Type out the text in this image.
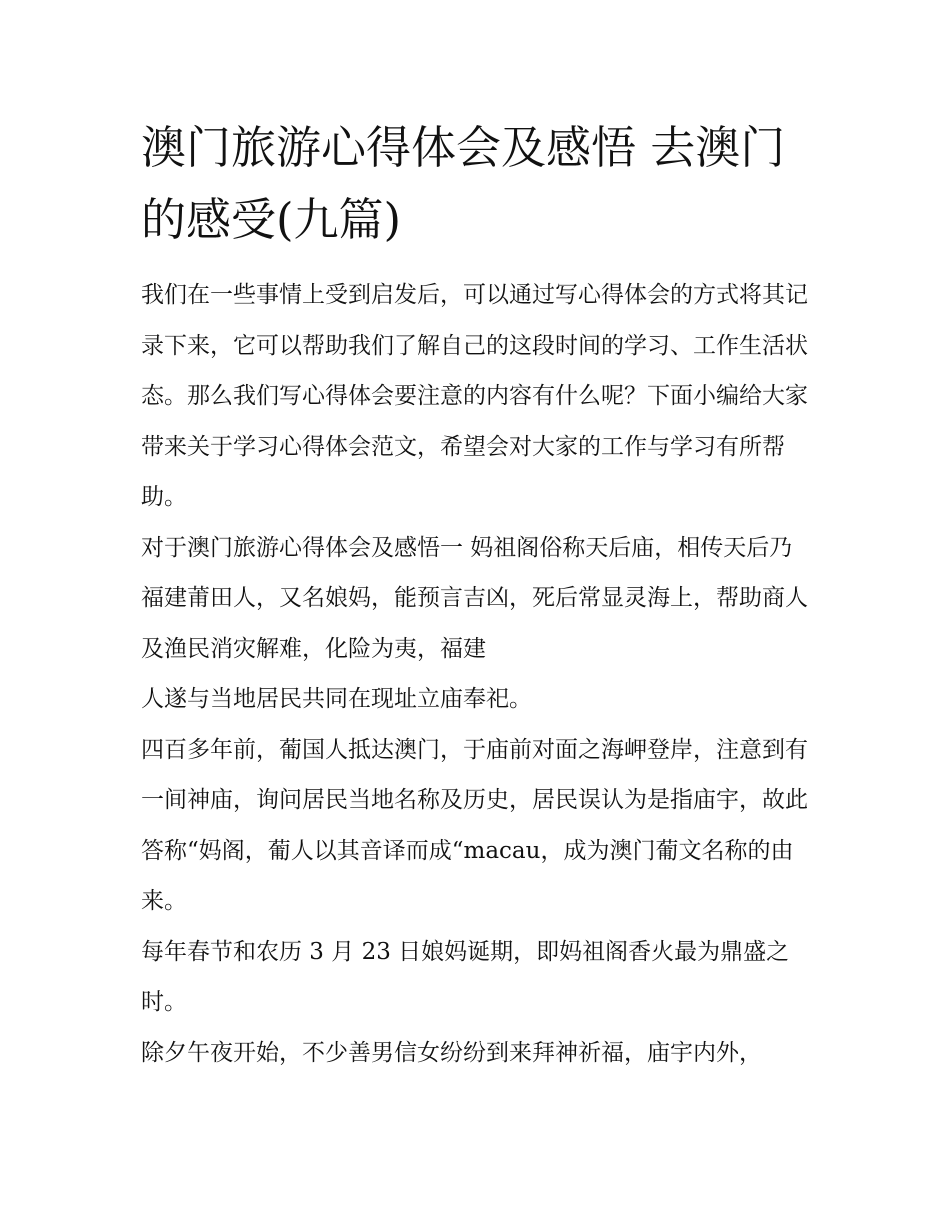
澳门旅游心得体会及感悟 去澳门的感受(九篇)

我们在一些事情上受到启发后，可以通过写心得体会的方式将其记录下来，它可以帮助我们了解自己的这段时间的学习、工作生活状态。那么我们写心得体会要注意的内容有什么呢？下面小编给大家带来关于学习心得体会范文，希望会对大家的工作与学习有所帮助。

对于澳门旅游心得体会及感悟一 妈祖阁俗称天后庙，相传天后乃福建莆田人，又名娘妈，能预言吉凶，死后常显灵海上，帮助商人及渔民消灾解难，化险为夷，福建

人遂与当地居民共同在现址立庙奉祀。

四百多年前，葡国人抵达澳门，于庙前对面之海岬登岸，注意到有一间神庙，询问居民当地名称及历史，居民误认为是指庙宇，故此答称“妈阁，葡人以其音译而成“macau，成为澳门葡文名称的由来。

每年春节和农历 3 月 23 日娘妈诞期，即妈祖阁香火最为鼎盛之时。

除夕午夜开始，不少善男信女纷纷到来拜神祈福，庙宇内外，
